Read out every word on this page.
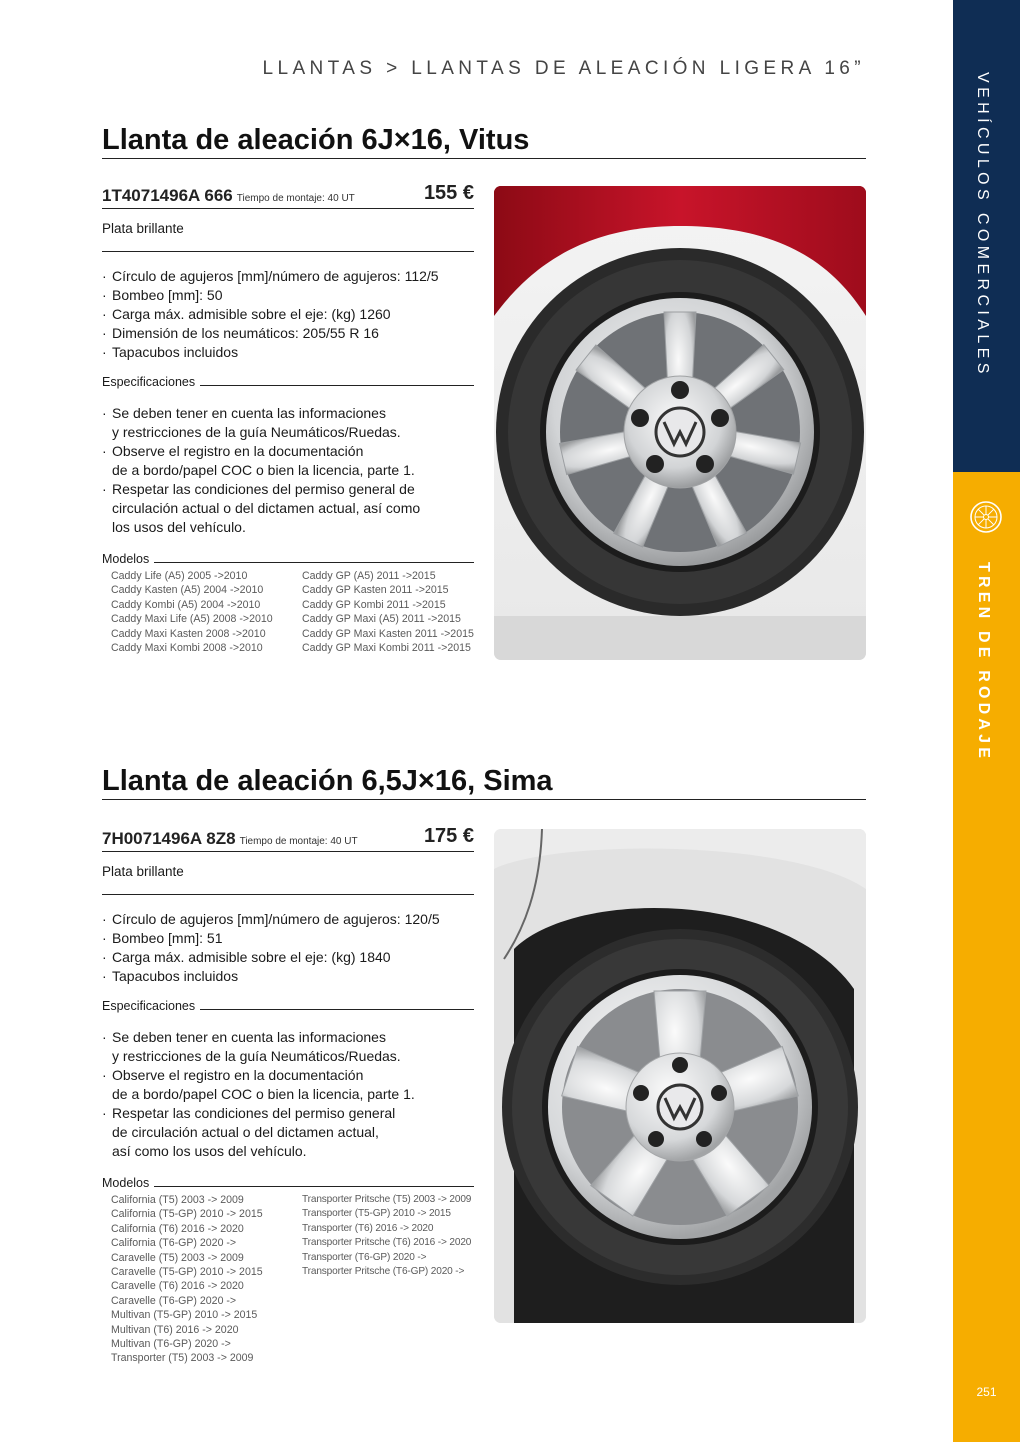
VEHÍCULOS COMERCIALES
TREN DE RODAJE
251
LLANTAS > LLANTAS DE ALEACIÓN LIGERA 16”
Llanta de aleación 6J×16, Vitus
1T4071496A 666 Tiempo de montaje: 40 UT	155 €
Plata brillante
· Círculo de agujeros [mm]/número de agujeros: 112/5
· Bombeo [mm]: 50
· Carga máx. admisible sobre el eje: (kg) 1260
· Dimensión de los neumáticos: 205/55 R 16
· Tapacubos incluidos
Especificaciones
· Se deben tener en cuenta las informaciones
y restricciones de la guía Neumáticos/Ruedas.
· Observe el registro en la documentación
de a bordo/papel COC o bien la licencia, parte 1.
· Respetar las condiciones del permiso general de
circulación actual o del dictamen actual, así como
los usos del vehículo.
Modelos
Caddy Life (A5) 2005 ->2010
Caddy Kasten (A5) 2004 ->2010
Caddy Kombi (A5) 2004 ->2010
Caddy Maxi Life (A5) 2008 ->2010
Caddy Maxi Kasten 2008 ->2010
Caddy Maxi Kombi 2008 ->2010
Caddy GP (A5) 2011 ->2015
Caddy GP Kasten 2011 ->2015
Caddy GP Kombi 2011 ->2015
Caddy GP Maxi (A5) 2011 ->2015
Caddy GP Maxi Kasten 2011 ->2015
Caddy GP Maxi Kombi 2011 ->2015
Llanta de aleación 6,5J×16, Sima
7H0071496A 8Z8 Tiempo de montaje: 40 UT	175 €
Plata brillante
· Círculo de agujeros [mm]/número de agujeros: 120/5
· Bombeo [mm]: 51
· Carga máx. admisible sobre el eje: (kg) 1840
· Tapacubos incluidos
Especificaciones
· Se deben tener en cuenta las informaciones
y restricciones de la guía Neumáticos/Ruedas.
· Observe el registro en la documentación
de a bordo/papel COC o bien la licencia, parte 1.
· Respetar las condiciones del permiso general
de circulación actual o del dictamen actual,
así como los usos del vehículo.
Modelos
California (T5) 2003 -> 2009
California (T5-GP) 2010 -> 2015
California (T6) 2016 -> 2020
California (T6-GP) 2020 ->
Caravelle (T5) 2003 -> 2009
Caravelle (T5-GP) 2010 -> 2015
Caravelle (T6) 2016 -> 2020
Caravelle (T6-GP) 2020 ->
Multivan (T5-GP) 2010 -> 2015
Multivan (T6) 2016 -> 2020
Multivan (T6-GP) 2020 ->
Transporter (T5) 2003 -> 2009
Transporter Pritsche (T5) 2003 -> 2009
Transporter (T5-GP) 2010 -> 2015
Transporter (T6) 2016 -> 2020
Transporter Pritsche (T6) 2016 -> 2020
Transporter (T6-GP) 2020 ->
Transporter Pritsche (T6-GP) 2020 ->
